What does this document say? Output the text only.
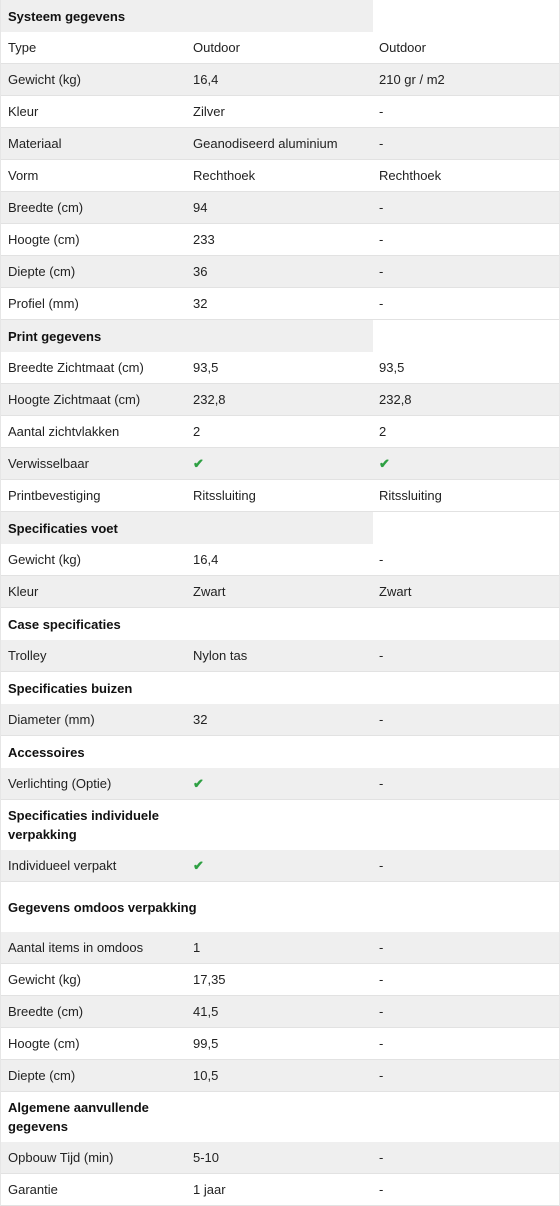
Systeem gegevens
Type	Outdoor	Outdoor
Gewicht (kg)	16,4	210 gr / m2
Kleur	Zilver	-
Materiaal	Geanodiseerd aluminium	-
Vorm	Rechthoek	Rechthoek
Breedte (cm)	94	-
Hoogte (cm)	233	-
Diepte (cm)	36	-
Profiel (mm)	32	-
Print gegevens
Breedte Zichtmaat (cm)	93,5	93,5
Hoogte Zichtmaat (cm)	232,8	232,8
Aantal zichtvlakken	2	2
Verwisselbaar	✔	✔
Printbevestiging	Ritssluiting	Ritssluiting
Specificaties voet
Gewicht (kg)	16,4	-
Kleur	Zwart	Zwart
Case specificaties
Trolley	Nylon tas	-
Specificaties buizen
Diameter (mm)	32	-
Accessoires
Verlichting (Optie)	✔	-
Specificaties individuele verpakking
Individueel verpakt	✔	-
Gegevens omdoos verpakking
Aantal items in omdoos	1	-
Gewicht (kg)	17,35	-
Breedte (cm)	41,5	-
Hoogte (cm)	99,5	-
Diepte (cm)	10,5	-
Algemene aanvullende gegevens
Opbouw Tijd (min)	5-10	-
Garantie	1 jaar	-
